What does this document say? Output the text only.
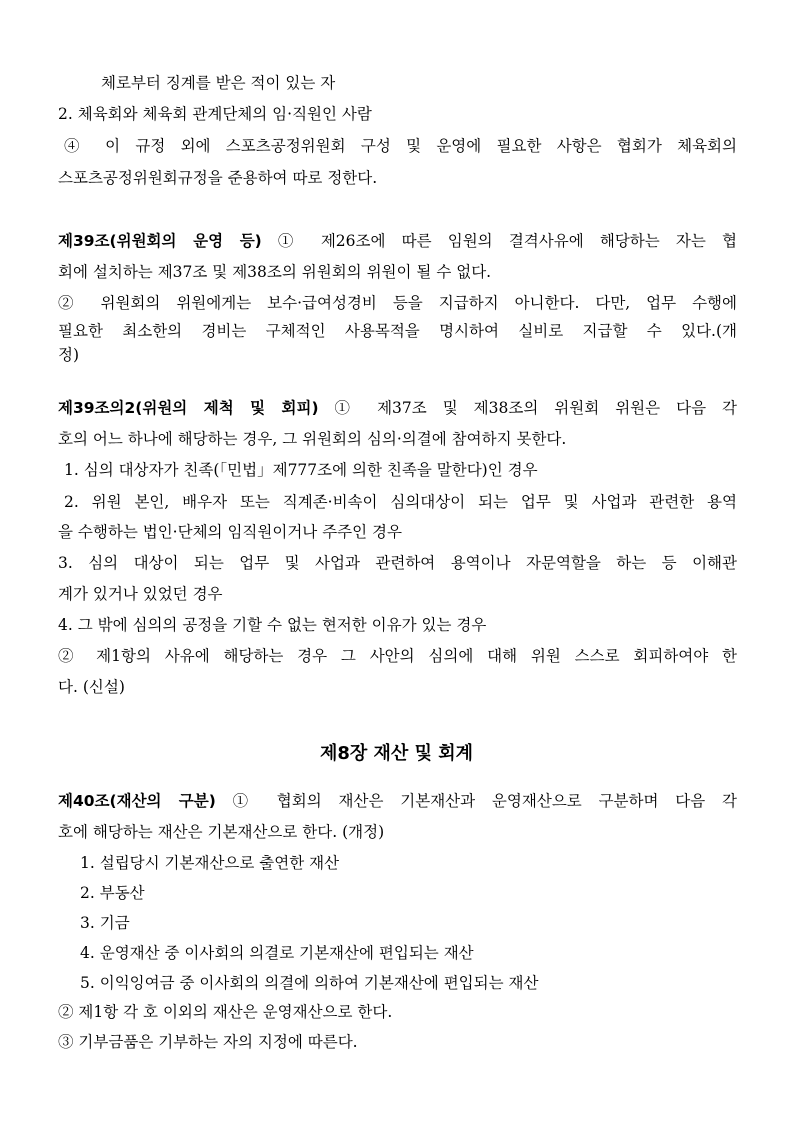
체로부터 징계를 받은 적이 있는 자
2. 체육회와 체육회 관계단체의 임·직원인 사람
④ 이 규정 외에 스포츠공정위원회 구성 및 운영에 필요한 사항은 협회가 체육회의
스포츠공정위원회규정을 준용하여 따로 정한다.
제39조(위원회의 운영 등) ① 제26조에 따른 임원의 결격사유에 해당하는 자는 협
회에 설치하는 제37조 및 제38조의 위원회의 위원이 될 수 없다.
② 위원회의 위원에게는 보수·급여성경비 등을 지급하지 아니한다. 다만, 업무 수행에
필요한 최소한의 경비는 구체적인 사용목적을 명시하여 실비로 지급할 수 있다.(개
정)
제39조의2(위원의 제척 및 회피) ① 제37조 및 제38조의 위원회 위원은 다음 각
호의 어느 하나에 해당하는 경우, 그 위원회의 심의·의결에 참여하지 못한다.
1. 심의 대상자가 친족(「민법」제777조에 의한 친족을 말한다)인 경우
2. 위원 본인, 배우자 또는 직계존·비속이 심의대상이 되는 업무 및 사업과 관련한 용역
을 수행하는 법인·단체의 임직원이거나 주주인 경우
3. 심의 대상이 되는 업무 및 사업과 관련하여 용역이나 자문역할을 하는 등 이해관
계가 있거나 있었던 경우
4. 그 밖에 심의의 공정을 기할 수 없는 현저한 이유가 있는 경우
② 제1항의 사유에 해당하는 경우 그 사안의 심의에 대해 위원 스스로 회피하여야 한
다. (신설)
제8장 재산 및 회계
제40조(재산의 구분) ① 협회의 재산은 기본재산과 운영재산으로 구분하며 다음 각
호에 해당하는 재산은 기본재산으로 한다. (개정)
1. 설립당시 기본재산으로 출연한 재산
2. 부동산
3. 기금
4. 운영재산 중 이사회의 의결로 기본재산에 편입되는 재산
5. 이익잉여금 중 이사회의 의결에 의하여 기본재산에 편입되는 재산
② 제1항 각 호 이외의 재산은 운영재산으로 한다.
③ 기부금품은 기부하는 자의 지정에 따른다.
